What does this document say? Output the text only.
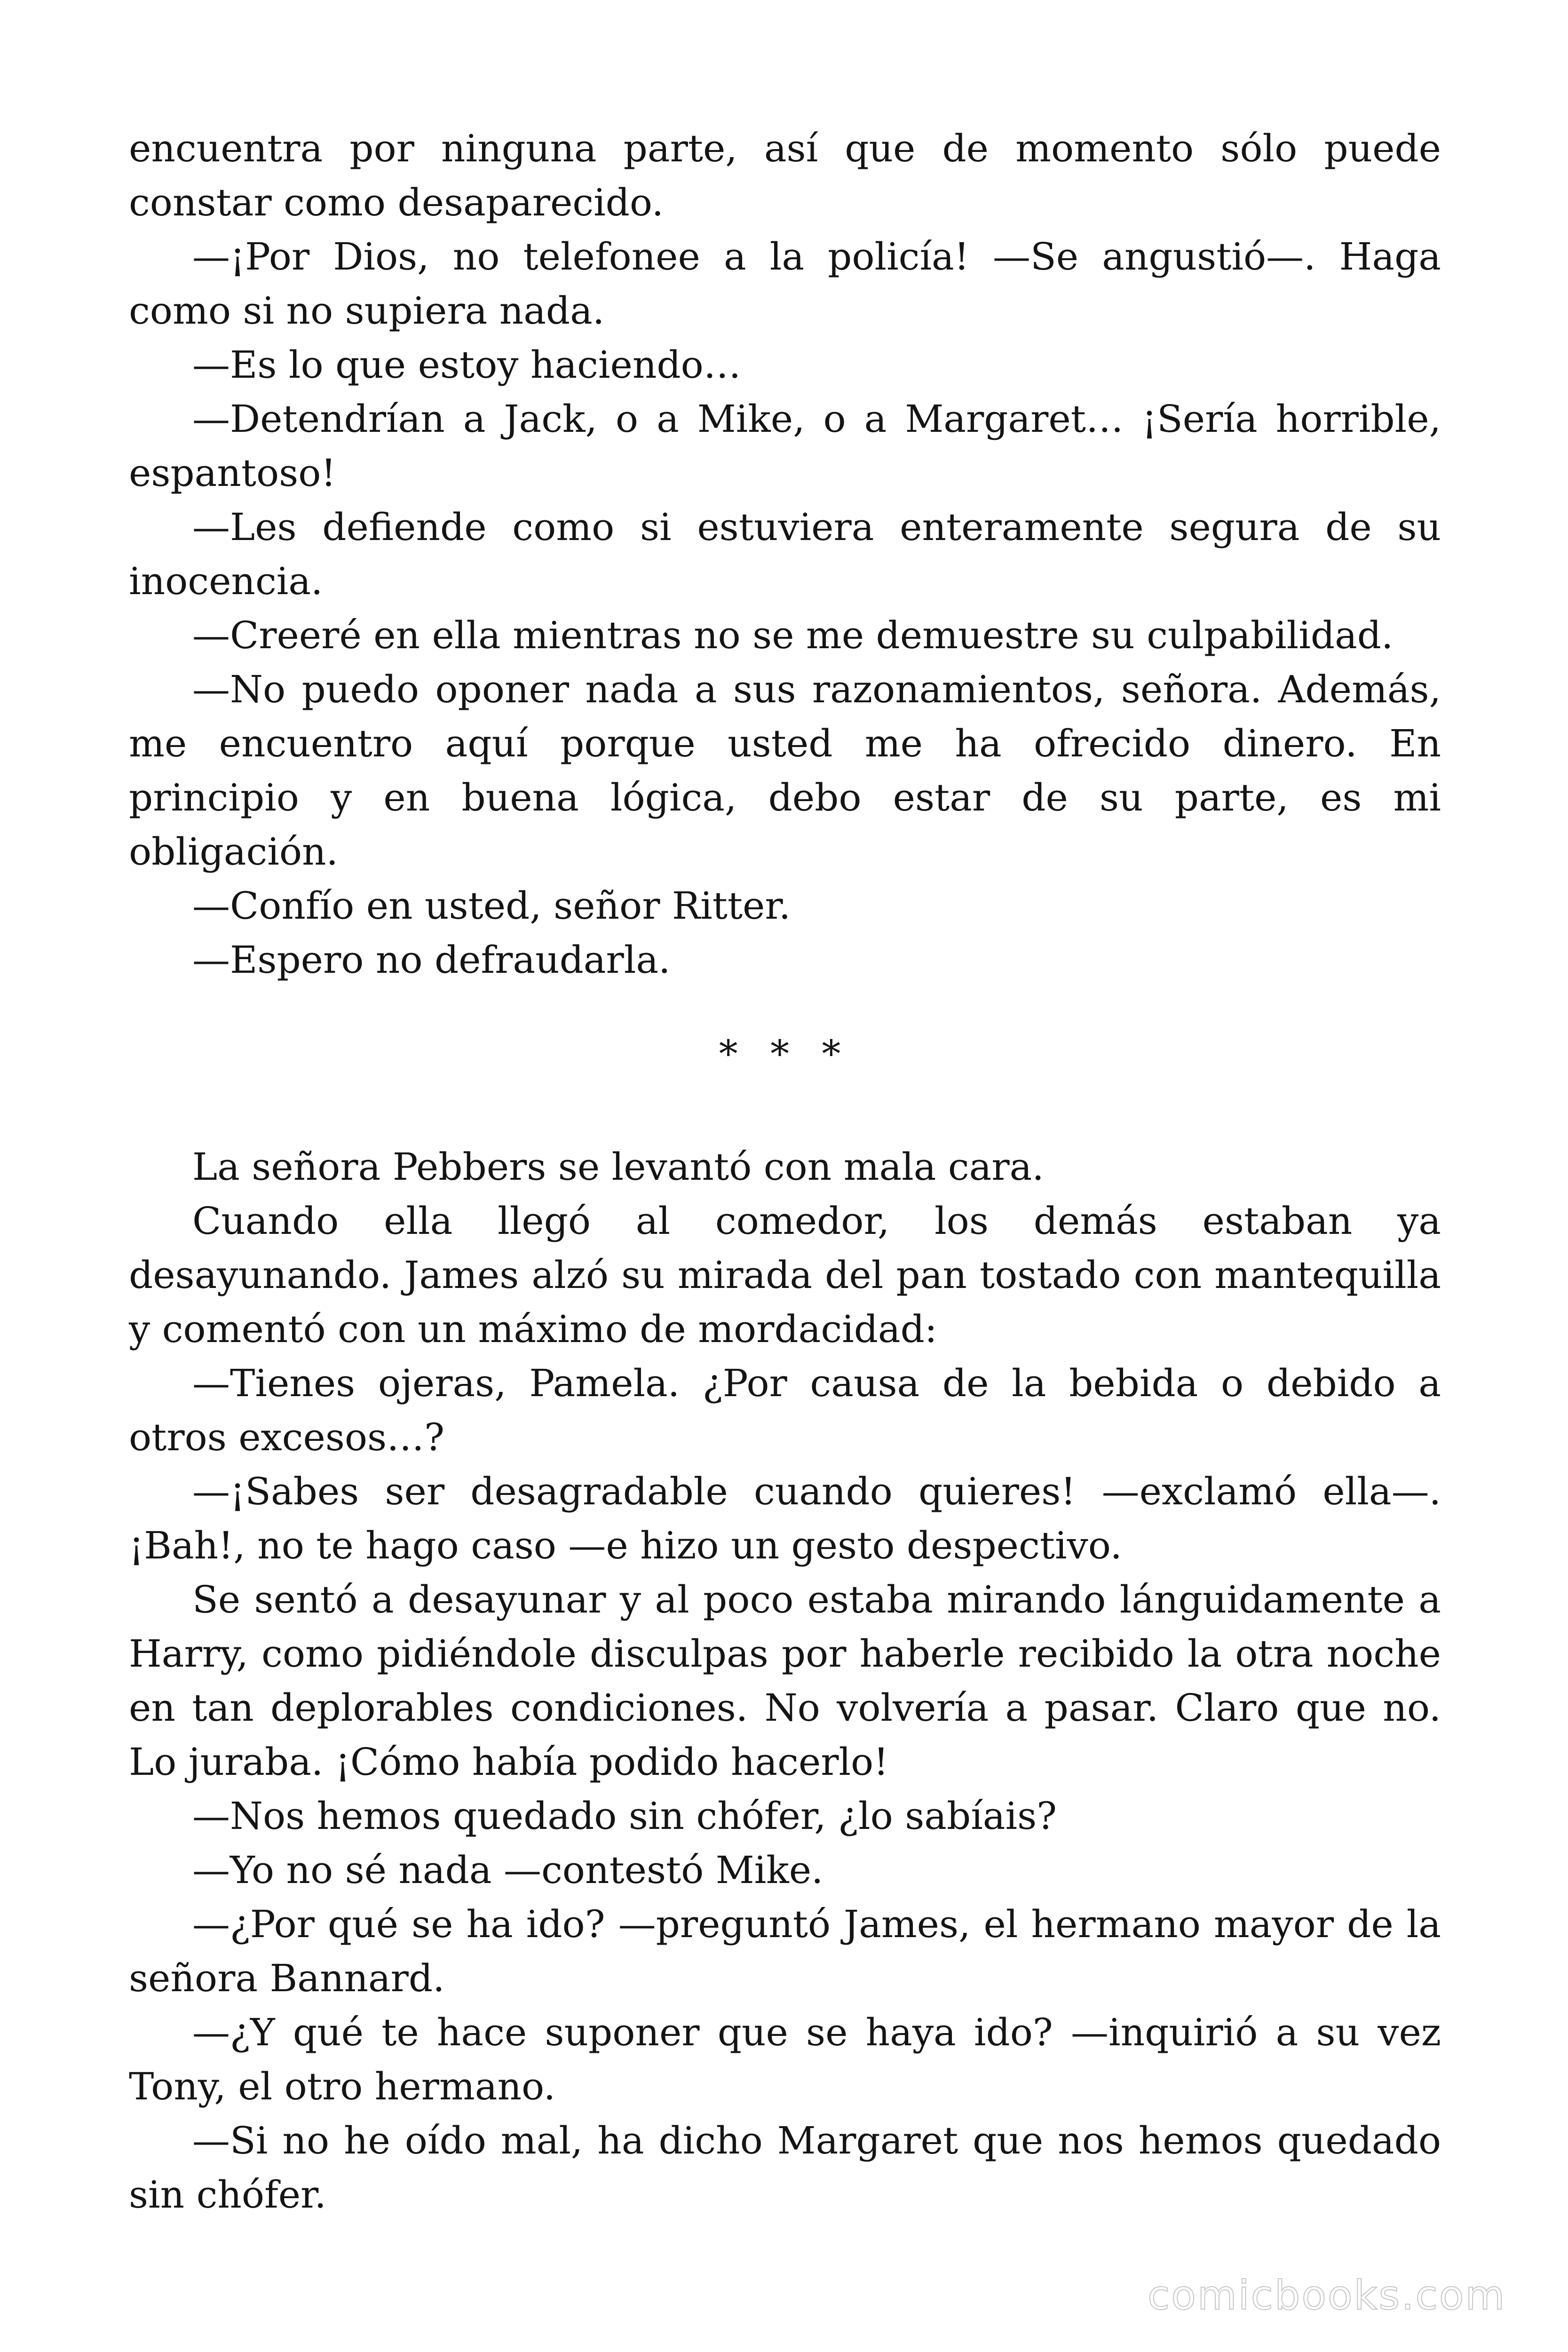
encuentra por ninguna parte, así que de momento sólo puede constar como desaparecido.

—¡Por Dios, no telefonee a la policía! —Se angustió—. Haga como si no supiera nada.

—Es lo que estoy haciendo…

—Detendrían a Jack, o a Mike, o a Margaret… ¡Sería horrible, espantoso!

—Les defiende como si estuviera enteramente segura de su inocencia.

—Creeré en ella mientras no se me demuestre su culpabilidad.

—No puedo oponer nada a sus razonamientos, señora. Además, me encuentro aquí porque usted me ha ofrecido dinero. En principio y en buena lógica, debo estar de su parte, es mi obligación.

—Confío en usted, señor Ritter.

—Espero no defraudarla.

* * *

La señora Pebbers se levantó con mala cara.

Cuando ella llegó al comedor, los demás estaban ya desayunando. James alzó su mirada del pan tostado con mantequilla y comentó con un máximo de mordacidad:

—Tienes ojeras, Pamela. ¿Por causa de la bebida o debido a otros excesos…?

—¡Sabes ser desagradable cuando quieres! —exclamó ella—. ¡Bah!, no te hago caso —e hizo un gesto despectivo.

Se sentó a desayunar y al poco estaba mirando lánguidamente a Harry, como pidiéndole disculpas por haberle recibido la otra noche en tan deplorables condiciones. No volvería a pasar. Claro que no. Lo juraba. ¡Cómo había podido hacerlo!

—Nos hemos quedado sin chófer, ¿lo sabíais?

—Yo no sé nada —contestó Mike.

—¿Por qué se ha ido? —preguntó James, el hermano mayor de la señora Bannard.

—¿Y qué te hace suponer que se haya ido? —inquirió a su vez Tony, el otro hermano.

—Si no he oído mal, ha dicho Margaret que nos hemos quedado sin chófer.

comicbooks.com
